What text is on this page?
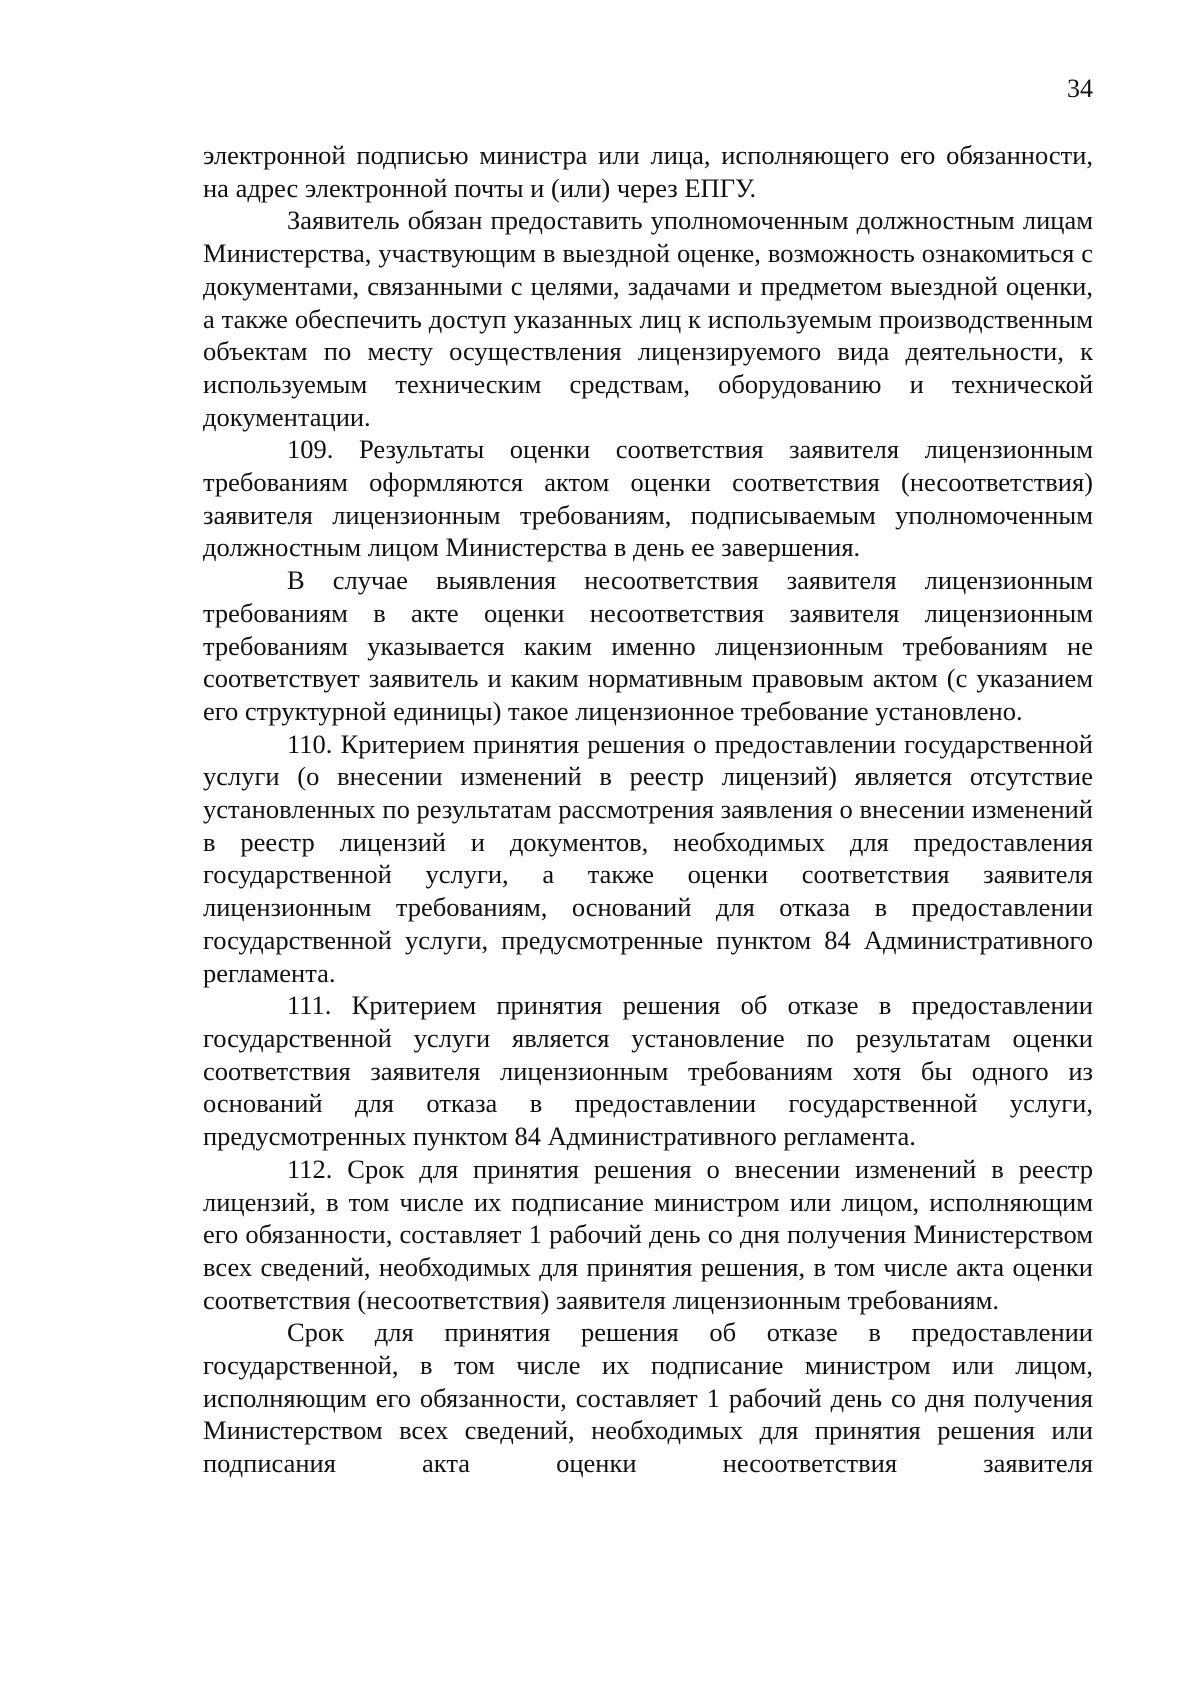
34

электронной подписью министра или лица, исполняющего его обязанности, на адрес электронной почты и (или) через ЕПГУ.

Заявитель обязан предоставить уполномоченным должностным лицам Министерства, участвующим в выездной оценке, возможность ознакомиться с документами, связанными с целями, задачами и предметом выездной оценки, а также обеспечить доступ указанных лиц к используемым производственным объектам по месту осуществления лицензируемого вида деятельности, к используемым техническим средствам, оборудованию и технической документации.

109. Результаты оценки соответствия заявителя лицензионным требованиям оформляются актом оценки соответствия (несоответствия) заявителя лицензионным требованиям, подписываемым уполномоченным должностным лицом Министерства в день ее завершения.

В случае выявления несоответствия заявителя лицензионным требованиям в акте оценки несоответствия заявителя лицензионным требованиям указывается каким именно лицензионным требованиям не соответствует заявитель и каким нормативным правовым актом (с указанием его структурной единицы) такое лицензионное требование установлено.

110. Критерием принятия решения о предоставлении государственной услуги (о внесении изменений в реестр лицензий) является отсутствие установленных по результатам рассмотрения заявления о внесении изменений в реестр лицензий и документов, необходимых для предоставления государственной услуги, а также оценки соответствия заявителя лицензионным требованиям, оснований для отказа в предоставлении государственной услуги, предусмотренные пунктом 84 Административного регламента.

111. Критерием принятия решения об отказе в предоставлении государственной услуги является установление по результатам оценки соответствия заявителя лицензионным требованиям хотя бы одного из оснований для отказа в предоставлении государственной услуги, предусмотренных пунктом 84 Административного регламента.

112. Срок для принятия решения о внесении изменений в реестр лицензий, в том числе их подписание министром или лицом, исполняющим его обязанности, составляет 1 рабочий день со дня получения Министерством всех сведений, необходимых для принятия решения, в том числе акта оценки соответствия (несоответствия) заявителя лицензионным требованиям.

Срок для принятия решения об отказе в предоставлении государственной, в том числе их подписание министром или лицом, исполняющим его обязанности, составляет 1 рабочий день со дня получения Министерством всех сведений, необходимых для принятия решения или подписания акта оценки несоответствия заявителя
